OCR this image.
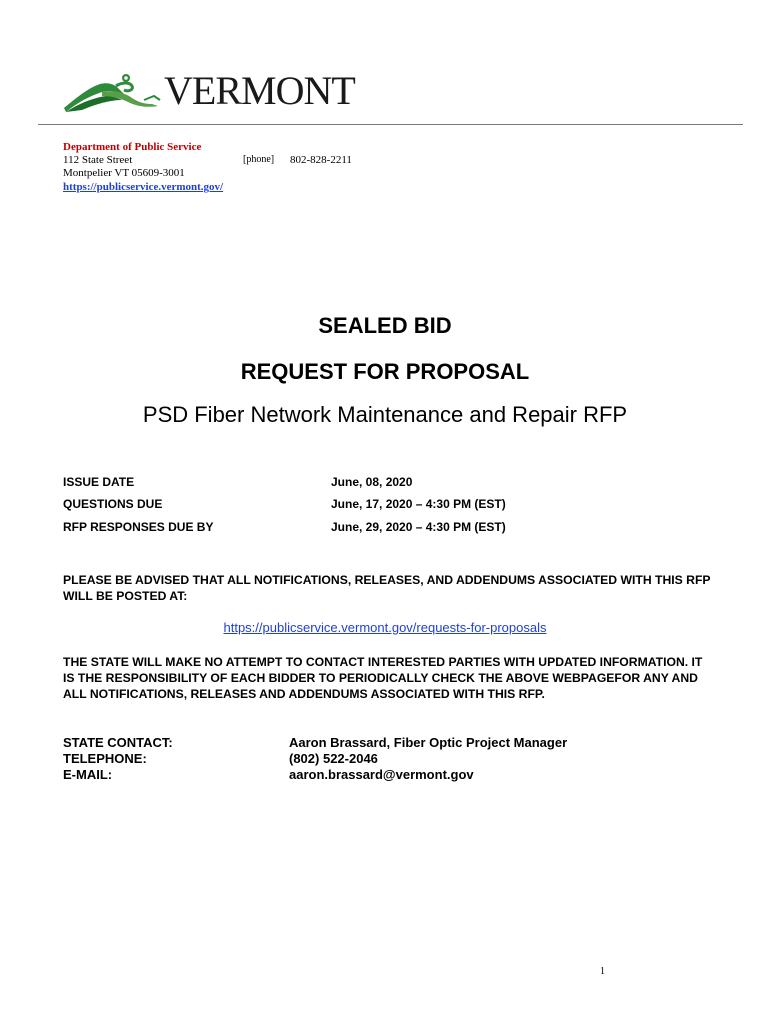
VERMONT
Department of Public Service
112 State Street	[phone] 802-828-2211
Montpelier VT 05609-3001
https://publicservice.vermont.gov/
SEALED BID
REQUEST FOR PROPOSAL
PSD Fiber Network Maintenance and Repair RFP
ISSUE DATE	June, 08, 2020
QUESTIONS DUE	June, 17, 2020 – 4:30 PM (EST)
RFP RESPONSES DUE BY	June, 29, 2020 – 4:30 PM (EST)
PLEASE BE ADVISED THAT ALL NOTIFICATIONS, RELEASES, AND ADDENDUMS ASSOCIATED WITH THIS RFP WILL BE POSTED AT:
https://publicservice.vermont.gov/requests-for-proposals
THE STATE WILL MAKE NO ATTEMPT TO CONTACT INTERESTED PARTIES WITH UPDATED INFORMATION. IT IS THE RESPONSIBILITY OF EACH BIDDER TO PERIODICALLY CHECK THE ABOVE WEBPAGEFOR ANY AND ALL NOTIFICATIONS, RELEASES AND ADDENDUMS ASSOCIATED WITH THIS RFP.
STATE CONTACT:	Aaron Brassard, Fiber Optic Project Manager
TELEPHONE:	(802) 522-2046
E-MAIL:	aaron.brassard@vermont.gov
1
